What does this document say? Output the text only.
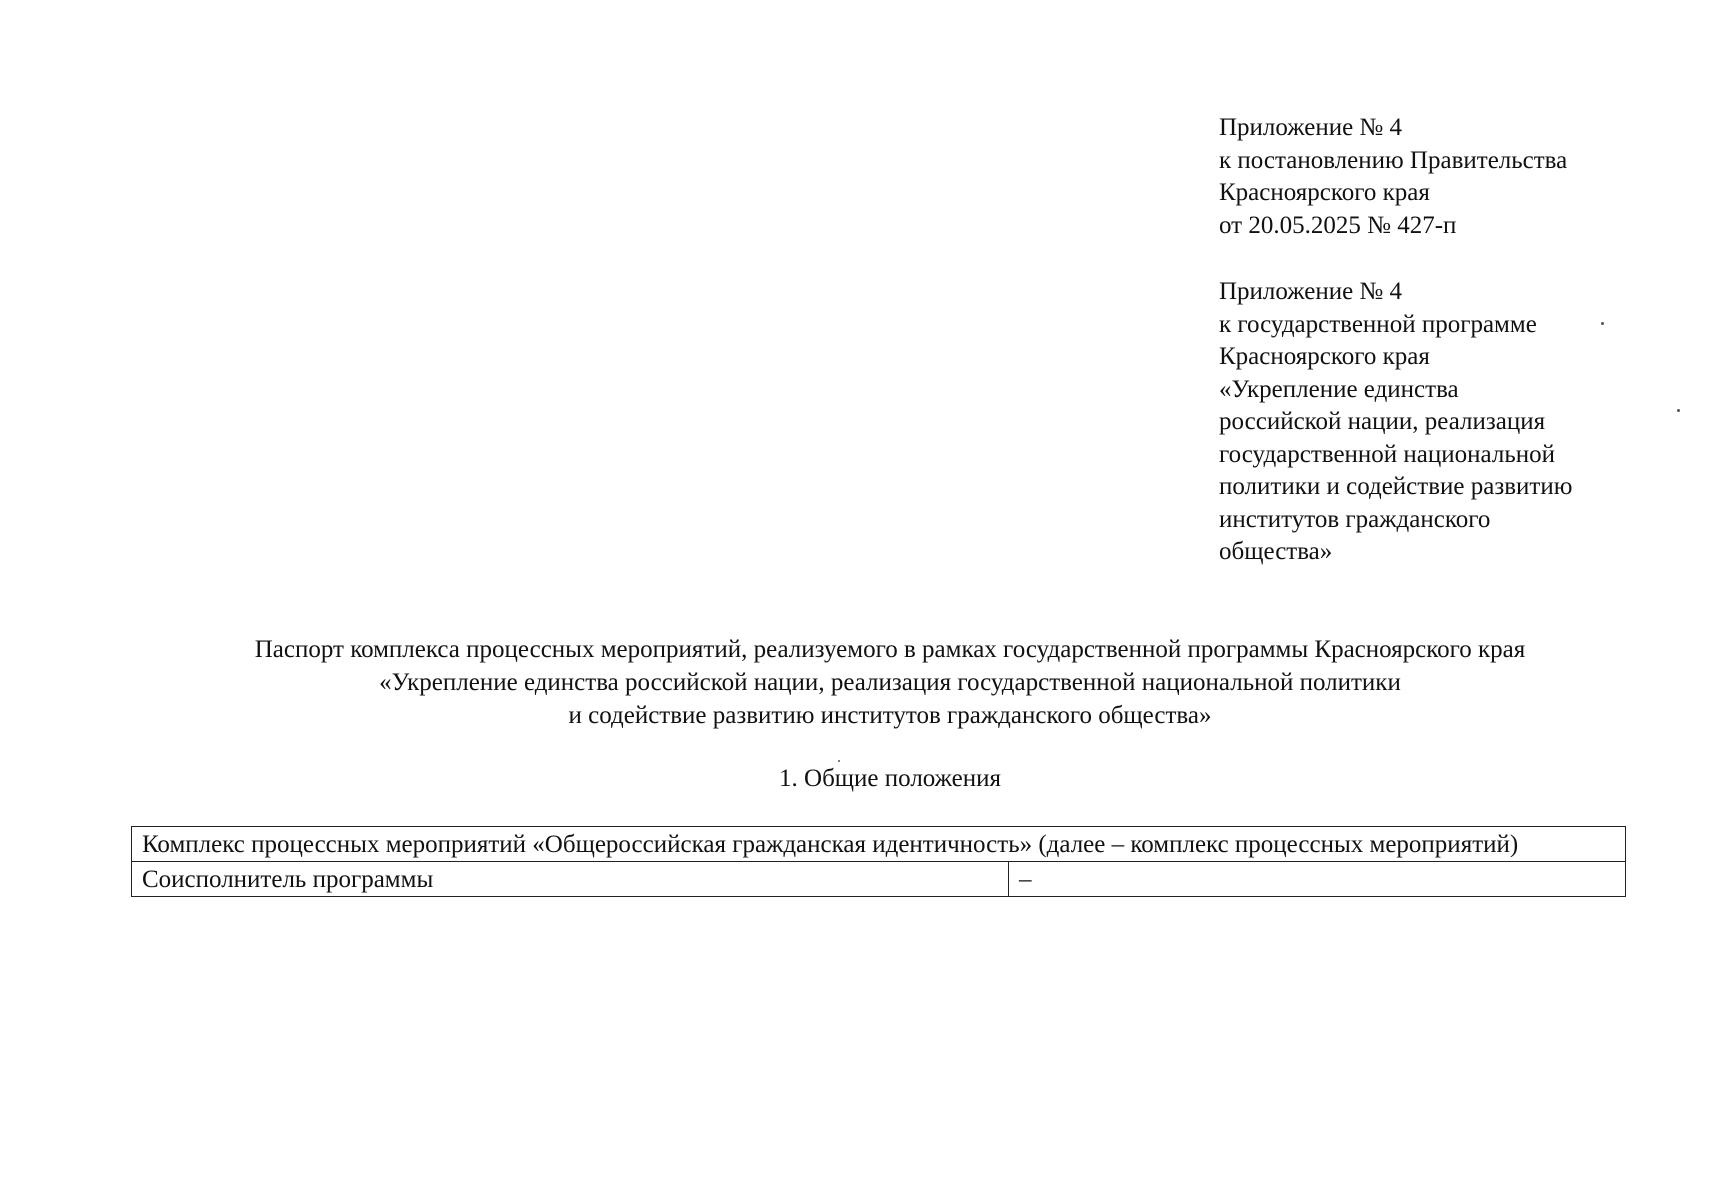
Приложение № 4
к постановлению Правительства
Красноярского края
от 20.05.2025 № 427-п
Приложение № 4
к государственной программе
Красноярского края
«Укрепление единства
российской нации, реализация
государственной национальной
политики и содействие развитию
институтов гражданского
общества»
Паспорт комплекса процессных мероприятий, реализуемого в рамках государственной программы Красноярского края
«Укрепление единства российской нации, реализация государственной национальной политики
и содействие развитию институтов гражданского общества»
1. Общие положения
Комплекс процессных мероприятий «Общероссийская гражданская идентичность» (далее – комплекс процессных мероприятий)
Соисполнитель программы	–
